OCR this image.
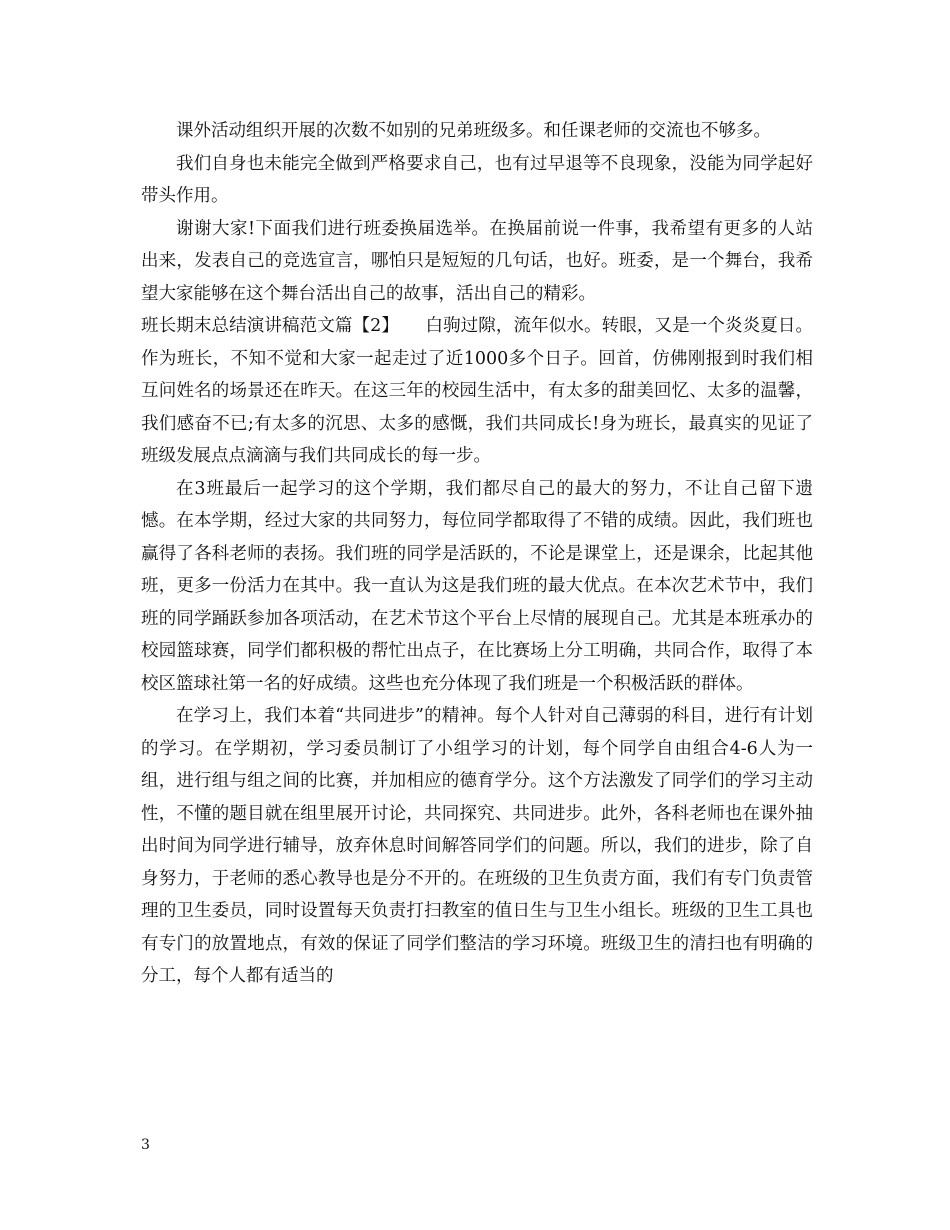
课外活动组织开展的次数不如别的兄弟班级多。和任课老师的交流也不够多。

我们自身也未能完全做到严格要求自己，也有过早退等不良现象，没能为同学起好带头作用。

谢谢大家!下面我们进行班委换届选举。在换届前说一件事，我希望有更多的人站出来，发表自己的竞选宣言，哪怕只是短短的几句话，也好。班委，是一个舞台，我希望大家能够在这个舞台活出自己的故事，活出自己的精彩。

班长期末总结演讲稿范文篇【2】　　白驹过隙，流年似水。转眼，又是一个炎炎夏日。作为班长，不知不觉和大家一起走过了近1000多个日子。回首，仿佛刚报到时我们相互问姓名的场景还在昨天。在这三年的校园生活中，有太多的甜美回忆、太多的温馨，我们感奋不已;有太多的沉思、太多的感慨，我们共同成长!身为班长，最真实的见证了班级发展点点滴滴与我们共同成长的每一步。

在3班最后一起学习的这个学期，我们都尽自己的最大的努力，不让自己留下遗憾。在本学期，经过大家的共同努力，每位同学都取得了不错的成绩。因此，我们班也赢得了各科老师的表扬。我们班的同学是活跃的，不论是课堂上，还是课余，比起其他班，更多一份活力在其中。我一直认为这是我们班的最大优点。在本次艺术节中，我们班的同学踊跃参加各项活动，在艺术节这个平台上尽情的展现自己。尤其是本班承办的校园篮球赛，同学们都积极的帮忙出点子，在比赛场上分工明确，共同合作，取得了本校区篮球社第一名的好成绩。这些也充分体现了我们班是一个积极活跃的群体。

在学习上，我们本着“共同进步”的精神。每个人针对自己薄弱的科目，进行有计划的学习。在学期初，学习委员制订了小组学习的计划，每个同学自由组合4-6人为一组，进行组与组之间的比赛，并加相应的德育学分。这个方法激发了同学们的学习主动性，不懂的题目就在组里展开讨论，共同探究、共同进步。此外，各科老师也在课外抽出时间为同学进行辅导，放弃休息时间解答同学们的问题。所以，我们的进步，除了自身努力，于老师的悉心教导也是分不开的。在班级的卫生负责方面，我们有专门负责管理的卫生委员，同时设置每天负责打扫教室的值日生与卫生小组长。班级的卫生工具也有专门的放置地点，有效的保证了同学们整洁的学习环境。班级卫生的清扫也有明确的分工，每个人都有适当的

3
